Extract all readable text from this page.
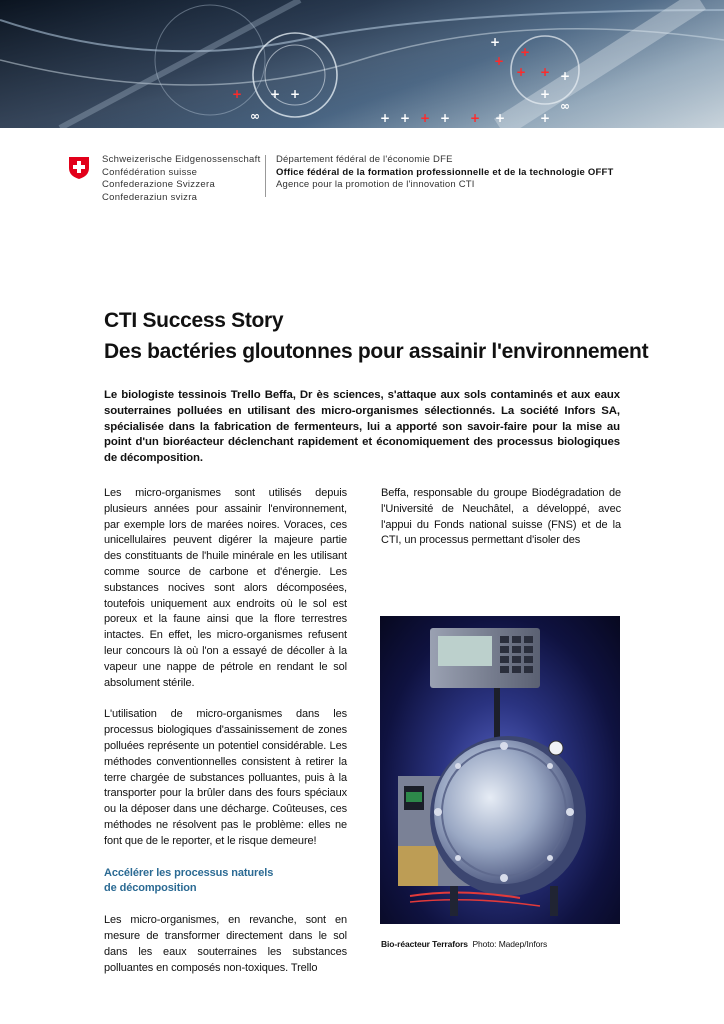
+
+ +
+
+	+
+
+ + +	+	+
+
+ +	+
∞
∞
+
Schweizerische Eidgenossenschaft
Confédération suisse
Confederazione Svizzera
Confederaziun svizra
Département fédéral de l'économie DFE
Office fédéral de la formation professionnelle et de la technologie OFFT
Agence pour la promotion de l'innovation CTI
CTI Success Story
Des bactéries gloutonnes pour assainir l'environnement

Le biologiste tessinois Trello Beffa, Dr ès sciences, s'attaque aux sols contaminés et aux eaux souterraines polluées en utilisant des micro-organismes sélectionnés. La société Infors SA, spécialisée dans la fabrication de fermenteurs, lui a apporté son savoir-faire pour la mise au point d'un bioréacteur déclenchant rapidement et économiquement des processus biologiques de décomposition.

Les micro-organismes sont utilisés depuis plusieurs années pour assainir l'environnement, par exemple lors de marées noires. Voraces, ces unicellulaires peuvent digérer la majeure partie des constituants de l'huile minérale en les utilisant comme source de carbone et d'énergie. Les substances nocives sont alors décomposées, toutefois uniquement aux endroits où le sol est poreux et la faune ainsi que la flore terrestres intactes. En effet, les micro-organismes refusent leur concours là où l'on a essayé de décoller à la vapeur une nappe de pétrole en rendant le sol absolument stérile.

L'utilisation de micro-organismes dans les processus biologiques d'assainissement de zones polluées représente un potentiel considérable. Les méthodes conventionnelles consistent à retirer la terre chargée de substances polluantes, puis à la transporter pour la brûler dans des fours spéciaux ou la déposer dans une décharge. Coûteuses, ces méthodes ne résolvent pas le problème: elles ne font que de le reporter, et le risque demeure!

Accélérer les processus naturels
de décomposition

Les micro-organismes, en revanche, sont en mesure de transformer directement dans le sol dans les eaux souterraines les substances polluantes en composés non-toxiques. Trello

Beffa, responsable du groupe Biodégradation de l'Université de Neuchâtel, a développé, avec l'appui du Fonds national suisse (FNS) et de la CTI, un processus permettant d'isoler des

Bio-réacteur Terrafors Photo: Madep/Infors
